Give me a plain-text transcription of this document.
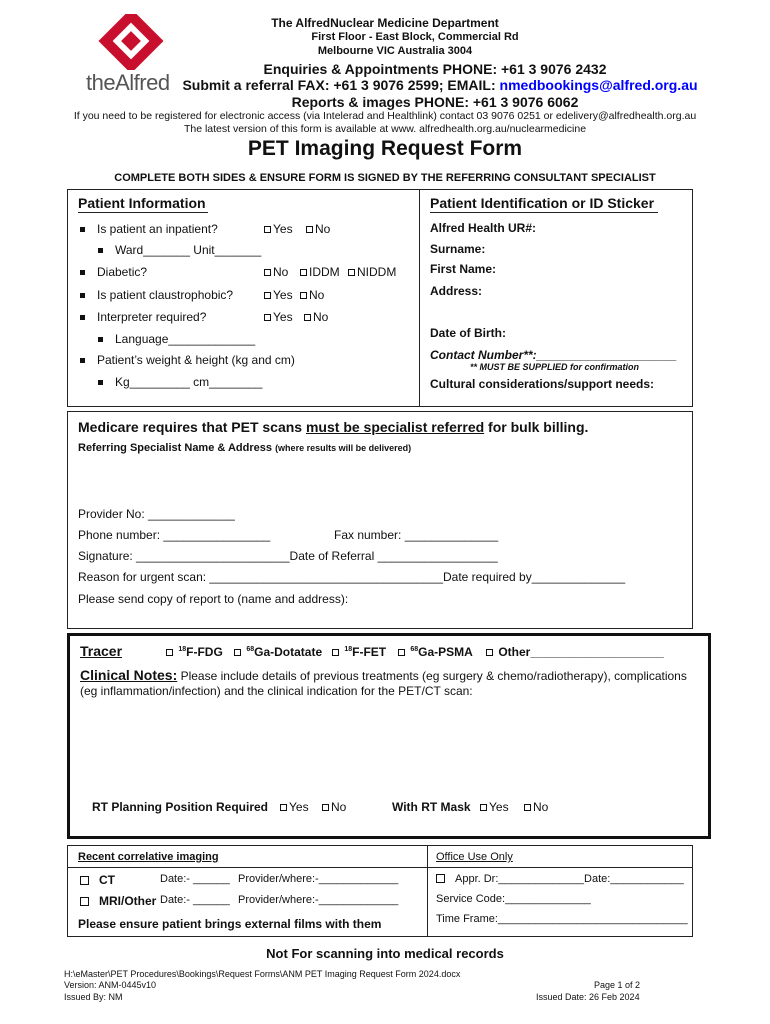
theAlfred
The AlfredNuclear Medicine Department
First Floor - East Block, Commercial Rd
Melbourne VIC Australia 3004
Enquiries & Appointments PHONE: +61 3 9076 2432
Submit a referral FAX: +61 3 9076 2599; EMAIL: nmedbookings@alfred.org.au
Reports & images PHONE: +61 3 9076 6062
If you need to be registered for electronic access (via Intelerad and Healthlink) contact 03 9076 0251 or edelivery@alfredhealth.org.au
The latest version of this form is available at www. alfredhealth.org.au/nuclearmedicine
PET Imaging Request Form
COMPLETE BOTH SIDES & ENSURE FORM IS SIGNED BY THE REFERRING CONSULTANT SPECIALIST
Patient Information
Is patient an inpatient?	Yes	No
Ward_______ Unit_______
Diabetic?	No	IDDM	NIDDM
Is patient claustrophobic?	Yes	No
Interpreter required?	Yes	No
Language_____________
Patient’s weight & height (kg and cm)
Kg_________ cm________
Patient Identification or ID Sticker
Alfred Health UR#:
Surname:
First Name:
Address:
Date of Birth:
Contact Number**:_____________________
** MUST BE SUPPLIED for confirmation
Cultural considerations/support needs:
Medicare requires that PET scans must be specialist referred for bulk billing.
Referring Specialist Name & Address (where results will be delivered)
Provider No: _____________
Phone number: ________________	Fax number: ______________
Signature: _______________________Date of Referral __________________
Reason for urgent scan: ___________________________________Date required by______________
Please send copy of report to (name and address):
Tracer	$^{18}$F-FDG	$^{68}$Ga-Dotatate	$^{18}$F-FET	$^{68}$Ga-PSMA	Other____________________
Clinical Notes: Please include details of previous treatments (eg surgery & chemo/radiotherapy), complications
(eg inflammation/infection) and the clinical indication for the PET/CT scan:
RT Planning Position Required	Yes	No	With RT Mask	Yes	No
Recent correlative imaging
CT	Date:- ______ Provider/where:-_____________
MRI/Other Date:- ______ Provider/where:-_____________
Please ensure patient brings external films with them
Office Use Only
Appr. Dr:______________Date:____________
Service Code:______________
Time Frame:_______________________________
Not For scanning into medical records
H:\eMaster\PET Procedures\Bookings\Request Forms\ANM PET Imaging Request Form 2024.docx
Version: ANM-0445v10
Issued By: NM
Page 1 of 2
Issued Date: 26 Feb 2024
